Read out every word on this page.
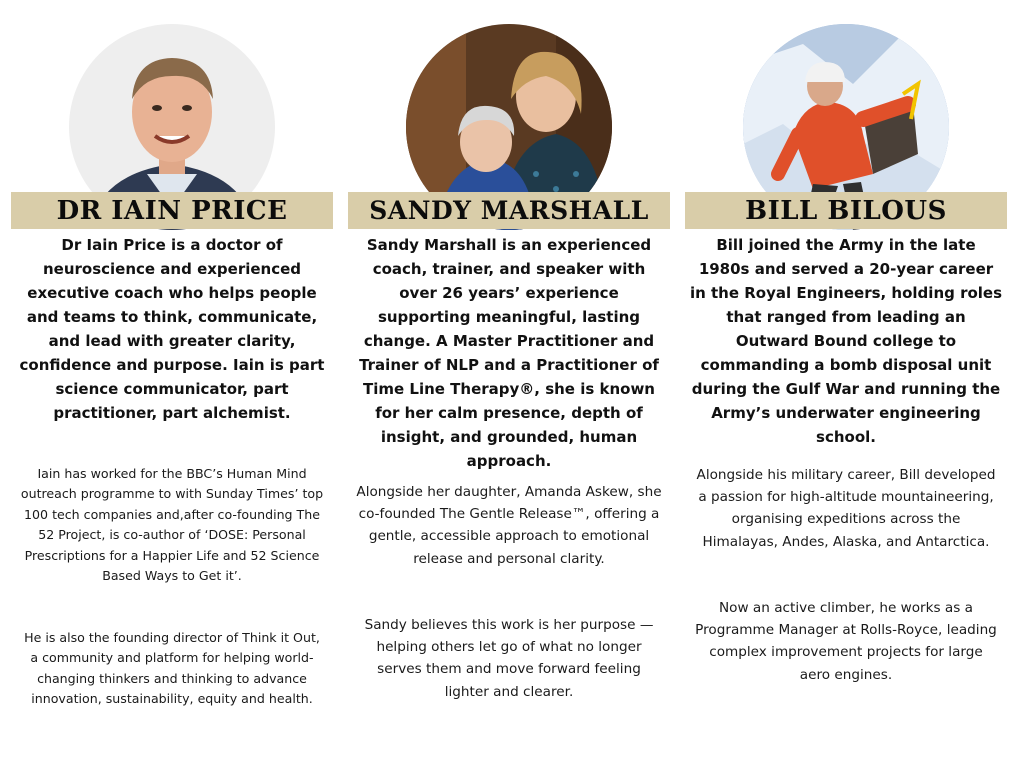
DR IAIN PRICE

Dr Iain Price is a doctor of neuroscience and experienced executive coach who helps people and teams to think, communicate, and lead with greater clarity, confidence and purpose. Iain is part science communicator, part practitioner, part alchemist.

Iain has worked for the BBC’s Human Mind outreach programme to with Sunday Times’ top 100 tech companies and,after co-founding The 52 Project, is co-author of ‘DOSE: Personal Prescriptions for a Happier Life and 52 Science Based Ways to Get it’.

He is also the founding director of Think it Out, a community and platform for helping world-changing thinkers and thinking to advance innovation, sustainability, equity and health.

SANDY MARSHALL

Sandy Marshall is an experienced coach, trainer, and speaker with over 26 years’ experience supporting meaningful, lasting change. A Master Practitioner and Trainer of NLP and a Practitioner of Time Line Therapy®, she is known for her calm presence, depth of insight, and grounded, human approach.

Alongside her daughter, Amanda Askew, she co-founded The Gentle Release™, offering a gentle, accessible approach to emotional release and personal clarity.

Sandy believes this work is her purpose — helping others let go of what no longer serves them and move forward feeling lighter and clearer.

BILL BILOUS

Bill joined the Army in the late 1980s and served a 20-year career in the Royal Engineers, holding roles that ranged from leading an Outward Bound college to commanding a bomb disposal unit during the Gulf War and running the Army’s underwater engineering school.

Alongside his military career, Bill developed a passion for high-altitude mountaineering, organising expeditions across the Himalayas, Andes, Alaska, and Antarctica.

Now an active climber, he works as a Programme Manager at Rolls-Royce, leading complex improvement projects for large aero engines.
